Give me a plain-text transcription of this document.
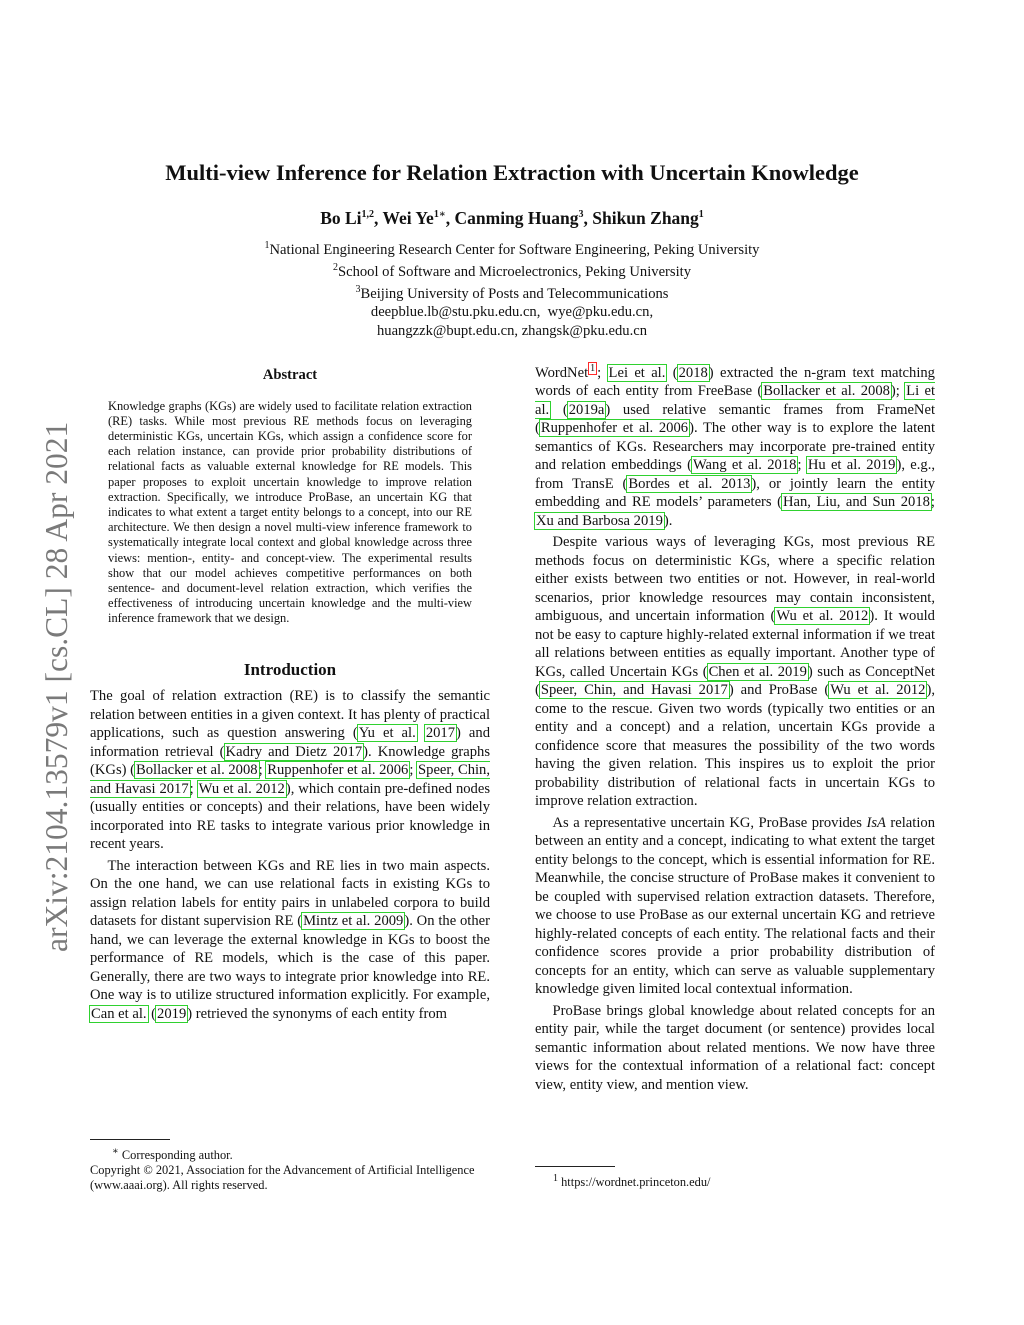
Multi-view Inference for Relation Extraction with Uncertain Knowledge
Bo Li$^{1,2}$, Wei $Ye^{1∗}$, Canming Huang$^3$, Shikun Zhang$^1$
$^1$National Engineering Research Center for Software Engineering, Peking University
$^2$School of Software and Microelectronics, Peking University
$^3$Beijing University of Posts and Telecommunications
deepblue.lb@stu.pku.edu.cn,  wye@pku.edu.cn,
huangzzk@bupt.edu.cn, zhangsk@pku.edu.cn
arXiv:2104.13579v1 [cs.CL] 28 Apr 2021
Abstract

Knowledge graphs (KGs) are widely used to facilitate relation extraction (RE) tasks. While most previous RE methods focus on leveraging deterministic KGs, uncertain KGs, which assign a confidence score for each relation instance, can provide prior probability distributions of relational facts as valuable external knowledge for RE models. This paper proposes to exploit uncertain knowledge to improve relation extraction. Specifically, we introduce ProBase, an uncertain KG that indicates to what extent a target entity belongs to a concept, into our RE architecture. We then design a novel multi-view inference framework to systematically integrate local context and global knowledge across three views: mention-, entity- and concept-view. The experimental results show that our model achieves competitive performances on both sentence- and document-level relation extraction, which verifies the effectiveness of introducing uncertain knowledge and the multi-view inference framework that we design.

Introduction

The goal of relation extraction (RE) is to classify the semantic relation between entities in a given context. It has plenty of practical applications, such as question answering (Yu et al. 2017) and information retrieval (Kadry and Dietz 2017). Knowledge graphs (KGs) (Bollacker et al. 2008; Ruppenhofer et al. 2006; Speer, Chin, and Havasi 2017; Wu et al. 2012), which contain pre-defined nodes (usually entities or concepts) and their relations, have been widely incorporated into RE tasks to integrate various prior knowledge in recent years.

The interaction between KGs and RE lies in two main aspects. On the one hand, we can use relational facts in existing KGs to assign relation labels for entity pairs in unlabeled corpora to build datasets for distant supervision RE (Mintz et al. 2009). On the other hand, we can leverage the external knowledge in KGs to boost the performance of RE models, which is the case of this paper. Generally, there are two ways to integrate prior knowledge into RE. One way is to utilize structured information explicitly. For example, Can et al. (2019) retrieved the synonyms of each entity from

WordNet $^1$ ; Lei et al. (2018) extracted the n-gram text matching words of each entity from FreeBase (Bollacker et al. 2008); Li et al. (2019a) used relative semantic frames from FrameNet (Ruppenhofer et al. 2006). The other way is to explore the latent semantics of KGs. Researchers may incorporate pre-trained entity and relation embeddings (Wang et al. 2018; Hu et al. 2019), e.g., from TransE (Bordes et al. 2013), or jointly learn the entity embedding and RE models’ parameters (Han, Liu, and Sun 2018; Xu and Barbosa 2019).

Despite various ways of leveraging KGs, most previous RE methods focus on deterministic KGs, where a specific relation either exists between two entities or not. However, in real-world scenarios, prior knowledge resources may contain inconsistent, ambiguous, and uncertain information (Wu et al. 2012). It would not be easy to capture highly-related external information if we treat all relations between entities as equally important. Another type of KGs, called Uncertain KGs (Chen et al. 2019) such as ConceptNet (Speer, Chin, and Havasi 2017) and ProBase (Wu et al. 2012), come to the rescue. Given two words (typically two entities or an entity and a concept) and a relation, uncertain KGs provide a confidence score that measures the possibility of the two words having the given relation. This inspires us to exploit the prior probability distribution of relational facts in uncertain KGs to improve relation extraction.

As a representative uncertain KG, ProBase provides IsA relation between an entity and a concept, indicating to what extent the target entity belongs to the concept, which is essential information for RE. Meanwhile, the concise structure of ProBase makes it convenient to be coupled with supervised relation extraction datasets. Therefore, we choose to use ProBase as our external uncertain KG and retrieve highly-related concepts of each entity. The relational facts and their confidence scores provide a prior probability distribution of concepts for an entity, which can serve as valuable supplementary knowledge given limited local contextual information.

ProBase brings global knowledge about related concepts for an entity pair, while the target document (or sentence) provides local semantic information about related mentions. We now have three views for the contextual information of a relational fact: concept view, entity view, and mention view.

∗ Corresponding author.
Copyright © 2021, Association for the Advancement of Artificial Intelligence (www.aaai.org). All rights reserved.	$^1$ https://wordnet.princeton.edu/
